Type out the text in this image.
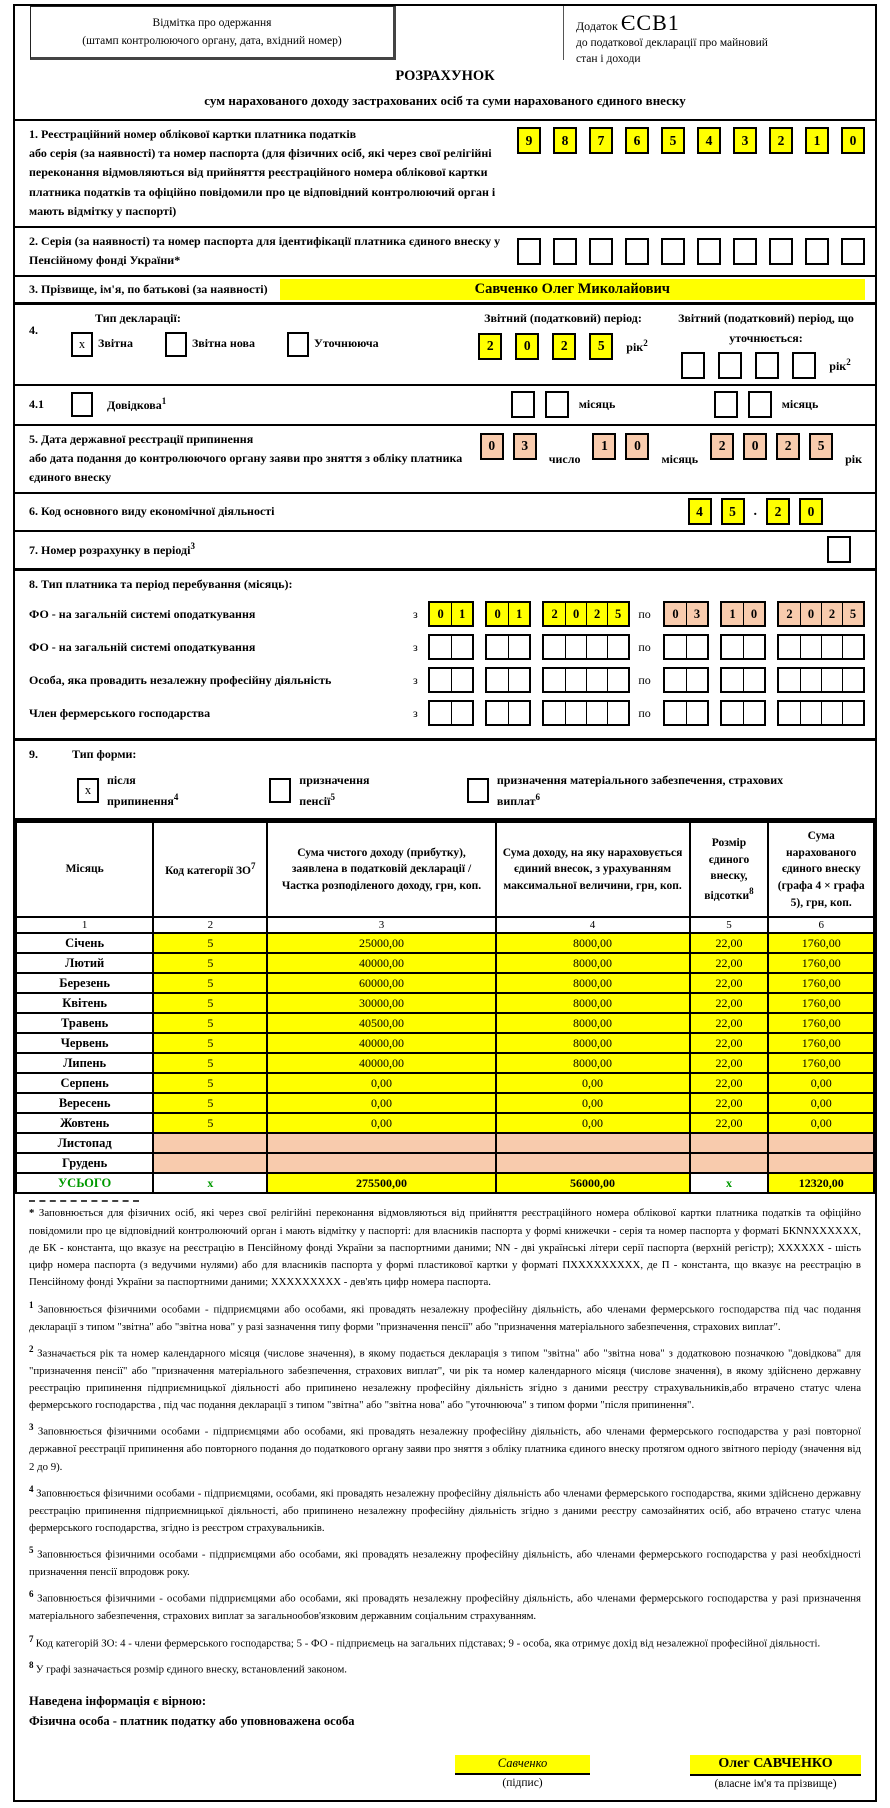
Відмітка про одержання
(штамп контролюючого органу, дата, вхідний номер)
Додаток ЄСВ1
до податкової декларації про майновий
стан і доходи
РОЗРАХУНОК
сум нарахованого доходу застрахованих осіб та суми нарахованого єдиного внеску
1. Реєстраційний номер облікової картки платника податків
або серія (за наявності) та номер паспорта (для фізичних осіб, які через свої релігійні переконання відмовляються від прийняття реєстраційного номера облікової картки платника податків та офіційно повідомили про це відповідний контролюючий орган і мають відмітку у паспорті)
9	8	7	6	5	4	3	2	1	0
2. Серія (за наявності) та номер паспорта для ідентифікації платника єдиного внеску у Пенсійному фонді України*
3. Прізвище, ім'я, по батькові (за наявності)	Савченко Олег Миколайович
4.
Тип декларації:
х	Звітна	Звітна нова	Уточнююча
Звітний (податковий) період:
2	0	2	5	рік$^2$
Звітний (податковий) період, що уточнюється:
рік$^2$
4.1	Довідкова$^1$	місяць	місяць
5. Дата державної реєстрації припинення
або дата подання до контролюючого органу заяви про зняття з обліку платника єдиного внеску
0	3
число
1	0
місяць
2	0	2	5
рік
6. Код основного виду економічної діяльності	4	5	.	2	0
7. Номер розрахунку в періоді$^3$
8. Тип платника та період перебування (місяць):
ФО - на загальній системі оподаткування	з	0	1	0	1	2	0	2	5	по	0	3	1	0	2	0	2	5
ФО - на загальній системі оподаткування	з	по
Особа, яка провадить незалежну професійну діяльність	з	по
Член фермерського господарства	з	по
9.	Тип форми:
х
після припинення$^4$
призначення пенсії$^5$
призначення матеріального забезпечення, страхових виплат$^6$
Місяць	Код категорії $ЗО^7$	Сума чистого доходу (прибутку), заявлена в податковій декларації / Частка розподіленого доходу, грн, коп.	Сума доходу, на яку нараховується єдиний внесок, з урахуванням максимальної величини, грн, коп.	Розмір єдиного внеску, відсотки$^8$	Сума нарахованого єдиного внеску (графа 4 × графа 5), грн, коп.
1	2	3	4	5	6
Січень	5	25000,00	8000,00	22,00	1760,00
Лютий	5	40000,00	8000,00	22,00	1760,00
Березень	5	60000,00	8000,00	22,00	1760,00
Квітень	5	30000,00	8000,00	22,00	1760,00
Травень	5	40500,00	8000,00	22,00	1760,00
Червень	5	40000,00	8000,00	22,00	1760,00
Липень	5	40000,00	8000,00	22,00	1760,00
Серпень	5	0,00	0,00	22,00	0,00
Вересень	5	0,00	0,00	22,00	0,00
Жовтень	5	0,00	0,00	22,00	0,00
Листопад					
Грудень					
УСЬОГО	х	275500,00	56000,00	х	12320,00
* Заповнюється для фізичних осіб, які через свої релігійні переконання відмовляються від прийняття реєстраційного номера облікової картки платника податків та офіційно повідомили про це відповідний контролюючий орган і мають відмітку у паспорті: для власників паспорта у формі книжечки - серія та номер паспорта у форматі БКNNХХХХХХ, де БК - константа, що вказує на реєстрацію в Пенсійному фонді України за паспортними даними; NN - дві українські літери серії паспорта (верхній регістр); ХХХХХХ - шість цифр номера паспорта (з ведучими нулями) або для власників паспорта у формі пластикової картки у форматі ПХХХХХХХХХ, де П - константа, що вказує на реєстрацію в Пенсійному фонді України за паспортними даними; ХХХХХХХХХ - дев'ять цифр номера паспорта.
$^1$ Заповнюється фізичними особами - підприємцями або особами, які провадять незалежну професійну діяльність, або членами фермерського господарства під час подання декларації з типом "звітна" або "звітна нова" у разі зазначення типу форми "призначення пенсії" або "призначення матеріального забезпечення, страхових виплат".
$^2$ Зазначається рік та номер календарного місяця (числове значення), в якому подається декларація з типом "звітна" або "звітна нова" з додатковою позначкою "довідкова" для "призначення пенсії" або "призначення матеріального забезпечення, страхових виплат", чи рік та номер календарного місяця (числове значення), в якому здійснено державну реєстрацію припинення підприємницької діяльності або припинено незалежну професійну діяльність згідно з даними реєстру страхувальників,або втрачено статус члена фермерського господарства , під час подання декларації з типом "звітна" або "звітна нова" або "уточнююча" з типом форми "після припинення".
$^3$ Заповнюється фізичними особами - підприємцями або особами, які провадять незалежну професійну діяльність, або членами фермерського господарства у разі повторної державної реєстрації припинення або повторного подання до податкового органу заяви про зняття з обліку платника єдиного внеску протягом одного звітного періоду (значення від 2 до 9).
$^4$ Заповнюється фізичними особами - підприємцями, особами, які провадять незалежну професійну діяльність або членами фермерського господарства, якими здійснено державну реєстрацію припинення підприємницької діяльності, або припинено незалежну професійну діяльність згідно з даними реєстру самозайнятих осіб, або втрачено статус члена фермерського господарства, згідно із реєстром страхувальників.
$^5$ Заповнюється фізичними особами - підприємцями або особами, які провадять незалежну професійну діяльність, або членами фермерського господарства у разі необхідності призначення пенсії впродовж року.
$^6$ Заповнюється фізичними - особами підприємцями або особами, які провадять незалежну професійну діяльність, або членами фермерського господарства у разі призначення матеріального забезпечення, страхових виплат за загальнообов'язковим державним соціальним страхуванням.
$^7$ Код категорій ЗО: 4 - члени фермерського господарства; 5 - ФО - підприємець на загальних підставах; 9 - особа, яка отримує дохід від незалежної професійної діяльності.
$^8$ У графі зазначається розмір єдиного внеску, встановлений законом.
Наведена інформація є вірною:
Фізична особа - платник податку або уповноважена особа
Савченко
(підпис)
Олег САВЧЕНКО
(власне ім'я та прізвище)
